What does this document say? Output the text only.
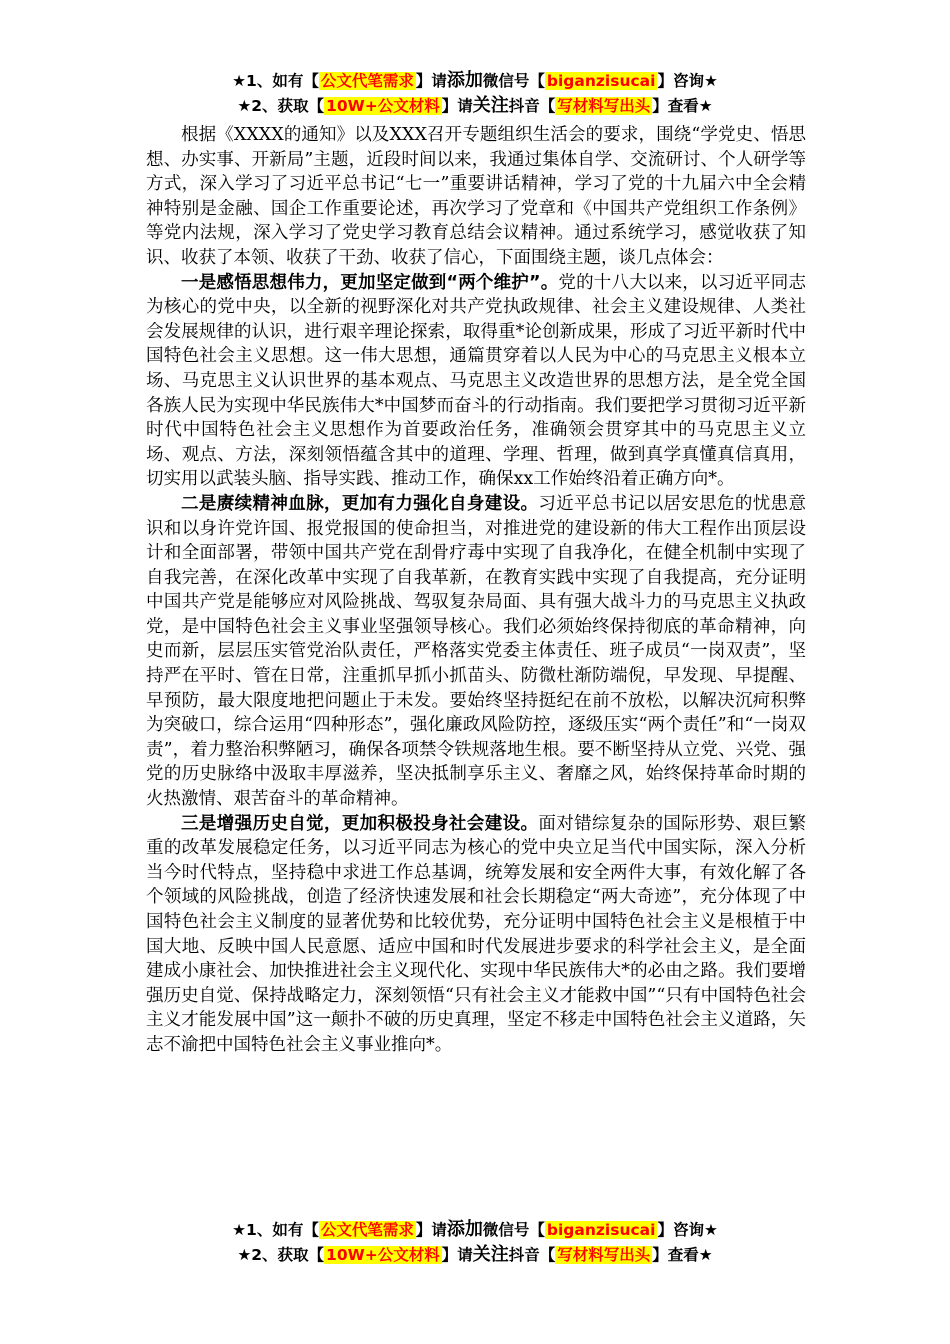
★1、如有【 公文代笔需求 】请添加微信号【 biganzisucai 】咨询★
★2、获取【 10W+公文材料 】请关注抖音【 写材料写出头 】查看★

根据《XXXX的通知》以及XXX召开专题组织生活会的要求，围绕“学党史、悟思想、办实事、开新局”主题，近段时间以来，我通过集体自学、交流研讨、个人研学等方式，深入学习了习近平总书记“七一”重要讲话精神，学习了党的十九届六中全会精神特别是金融、国企工作重要论述，再次学习了党章和《中国共产党组织工作条例》等党内法规，深入学习了党史学习教育总结会议精神。通过系统学习，感觉收获了知识、收获了本领、收获了干劲、收获了信心，下面围绕主题，谈几点体会：

一是感悟思想伟力，更加坚定做到“两个维护”。党的十八大以来，以习近平同志为核心的党中央，以全新的视野深化对共产党执政规律、社会主义建设规律、人类社会发展规律的认识，进行艰辛理论探索，取得重*论创新成果，形成了习近平新时代中国特色社会主义思想。这一伟大思想，通篇贯穿着以人民为中心的马克思主义根本立场、马克思主义认识世界的基本观点、马克思主义改造世界的思想方法，是全党全国各族人民为实现中华民族伟大*中国梦而奋斗的行动指南。我们要把学习贯彻习近平新时代中国特色社会主义思想作为首要政治任务，准确领会贯穿其中的马克思主义立场、观点、方法，深刻领悟蕴含其中的道理、学理、哲理，做到真学真懂真信真用，切实用以武装头脑、指导实践、推动工作，确保xx工作始终沿着正确方向*。

二是赓续精神血脉，更加有力强化自身建设。习近平总书记以居安思危的忧患意识和以身许党许国、报党报国的使命担当，对推进党的建设新的伟大工程作出顶层设计和全面部署，带领中国共产党在刮骨疗毒中实现了自我净化，在健全机制中实现了自我完善，在深化改革中实现了自我革新，在教育实践中实现了自我提高，充分证明中国共产党是能够应对风险挑战、驾驭复杂局面、具有强大战斗力的马克思主义执政党，是中国特色社会主义事业坚强领导核心。我们必须始终保持彻底的革命精神，向史而新，层层压实管党治队责任，严格落实党委主体责任、班子成员“一岗双责”，坚持严在平时、管在日常，注重抓早抓小抓苗头、防微杜渐防端倪，早发现、早提醒、早预防，最大限度地把问题止于未发。要始终坚持挺纪在前不放松，以解决沉疴积弊为突破口，综合运用“四种形态”，强化廉政风险防控，逐级压实“两个责任”和“一岗双责”，着力整治积弊陋习，确保各项禁令铁规落地生根。要不断坚持从立党、兴党、强党的历史脉络中汲取丰厚滋养，坚决抵制享乐主义、奢靡之风，始终保持革命时期的火热激情、艰苦奋斗的革命精神。

三是增强历史自觉，更加积极投身社会建设。面对错综复杂的国际形势、艰巨繁重的改革发展稳定任务，以习近平同志为核心的党中央立足当代中国实际，深入分析当今时代特点，坚持稳中求进工作总基调，统筹发展和安全两件大事，有效化解了各个领域的风险挑战，创造了经济快速发展和社会长期稳定“两大奇迹”，充分体现了中国特色社会主义制度的显著优势和比较优势，充分证明中国特色社会主义是根植于中国大地、反映中国人民意愿、适应中国和时代发展进步要求的科学社会主义，是全面建成小康社会、加快推进社会主义现代化、实现中华民族伟大*的必由之路。我们要增强历史自觉、保持战略定力，深刻领悟“只有社会主义才能救中国”“只有中国特色社会主义才能发展中国”这一颠扑不破的历史真理，坚定不移走中国特色社会主义道路，矢志不渝把中国特色社会主义事业推向*。

★1、如有【 公文代笔需求 】请添加微信号【 biganzisucai 】咨询★
★2、获取【 10W+公文材料 】请关注抖音【 写材料写出头 】查看★
